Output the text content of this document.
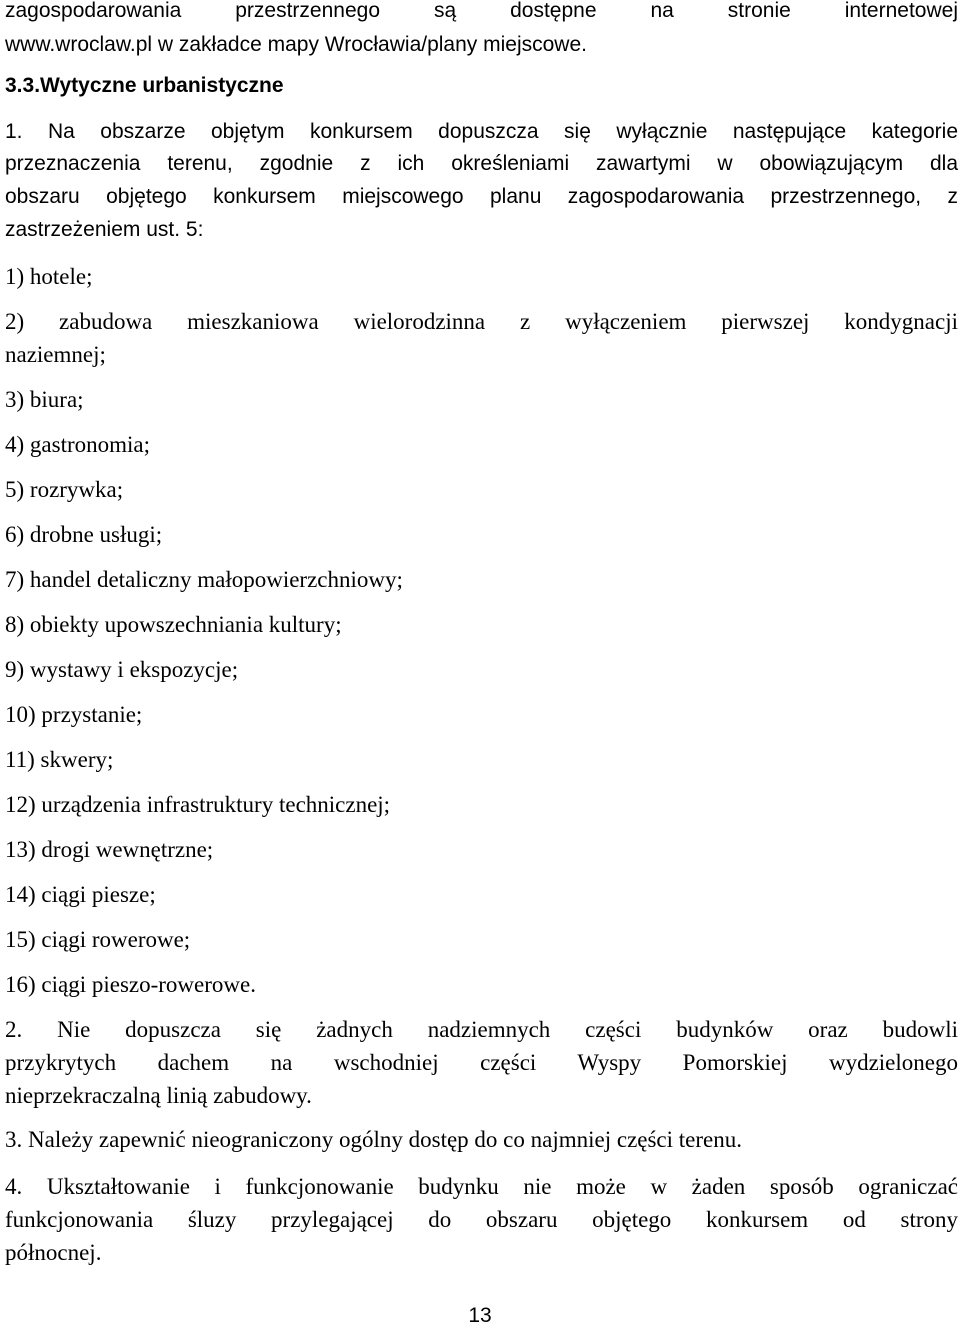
zagospodarowania przestrzennego są dostępne na stronie internetowej
www.wroclaw.pl w zakładce mapy Wrocławia/plany miejscowe.
3.3.Wytyczne urbanistyczne
1. Na obszarze objętym konkursem dopuszcza się wyłącznie następujące kategorie
przeznaczenia terenu, zgodnie z ich określeniami zawartymi w obowiązującym dla
obszaru objętego konkursem miejscowego planu zagospodarowania przestrzennego, z
zastrzeżeniem ust. 5:
1) hotele;
2) zabudowa mieszkaniowa wielorodzinna z wyłączeniem pierwszej kondygnacji
naziemnej;
3) biura;
4) gastronomia;
5) rozrywka;
6) drobne usługi;
7) handel detaliczny małopowierzchniowy;
8) obiekty upowszechniania kultury;
9) wystawy i ekspozycje;
10) przystanie;
11) skwery;
12) urządzenia infrastruktury technicznej;
13) drogi wewnętrzne;
14) ciągi piesze;
15) ciągi rowerowe;
16) ciągi pieszo-rowerowe.
2. Nie dopuszcza się żadnych nadziemnych części budynków oraz budowli
przykrytych dachem na wschodniej części Wyspy Pomorskiej wydzielonego
nieprzekraczalną linią zabudowy.
3. Należy zapewnić nieograniczony ogólny dostęp do co najmniej części terenu.
4. Ukształtowanie i funkcjonowanie budynku nie może w żaden sposób ograniczać
funkcjonowania śluzy przylegającej do obszaru objętego konkursem od strony
północnej.
13
